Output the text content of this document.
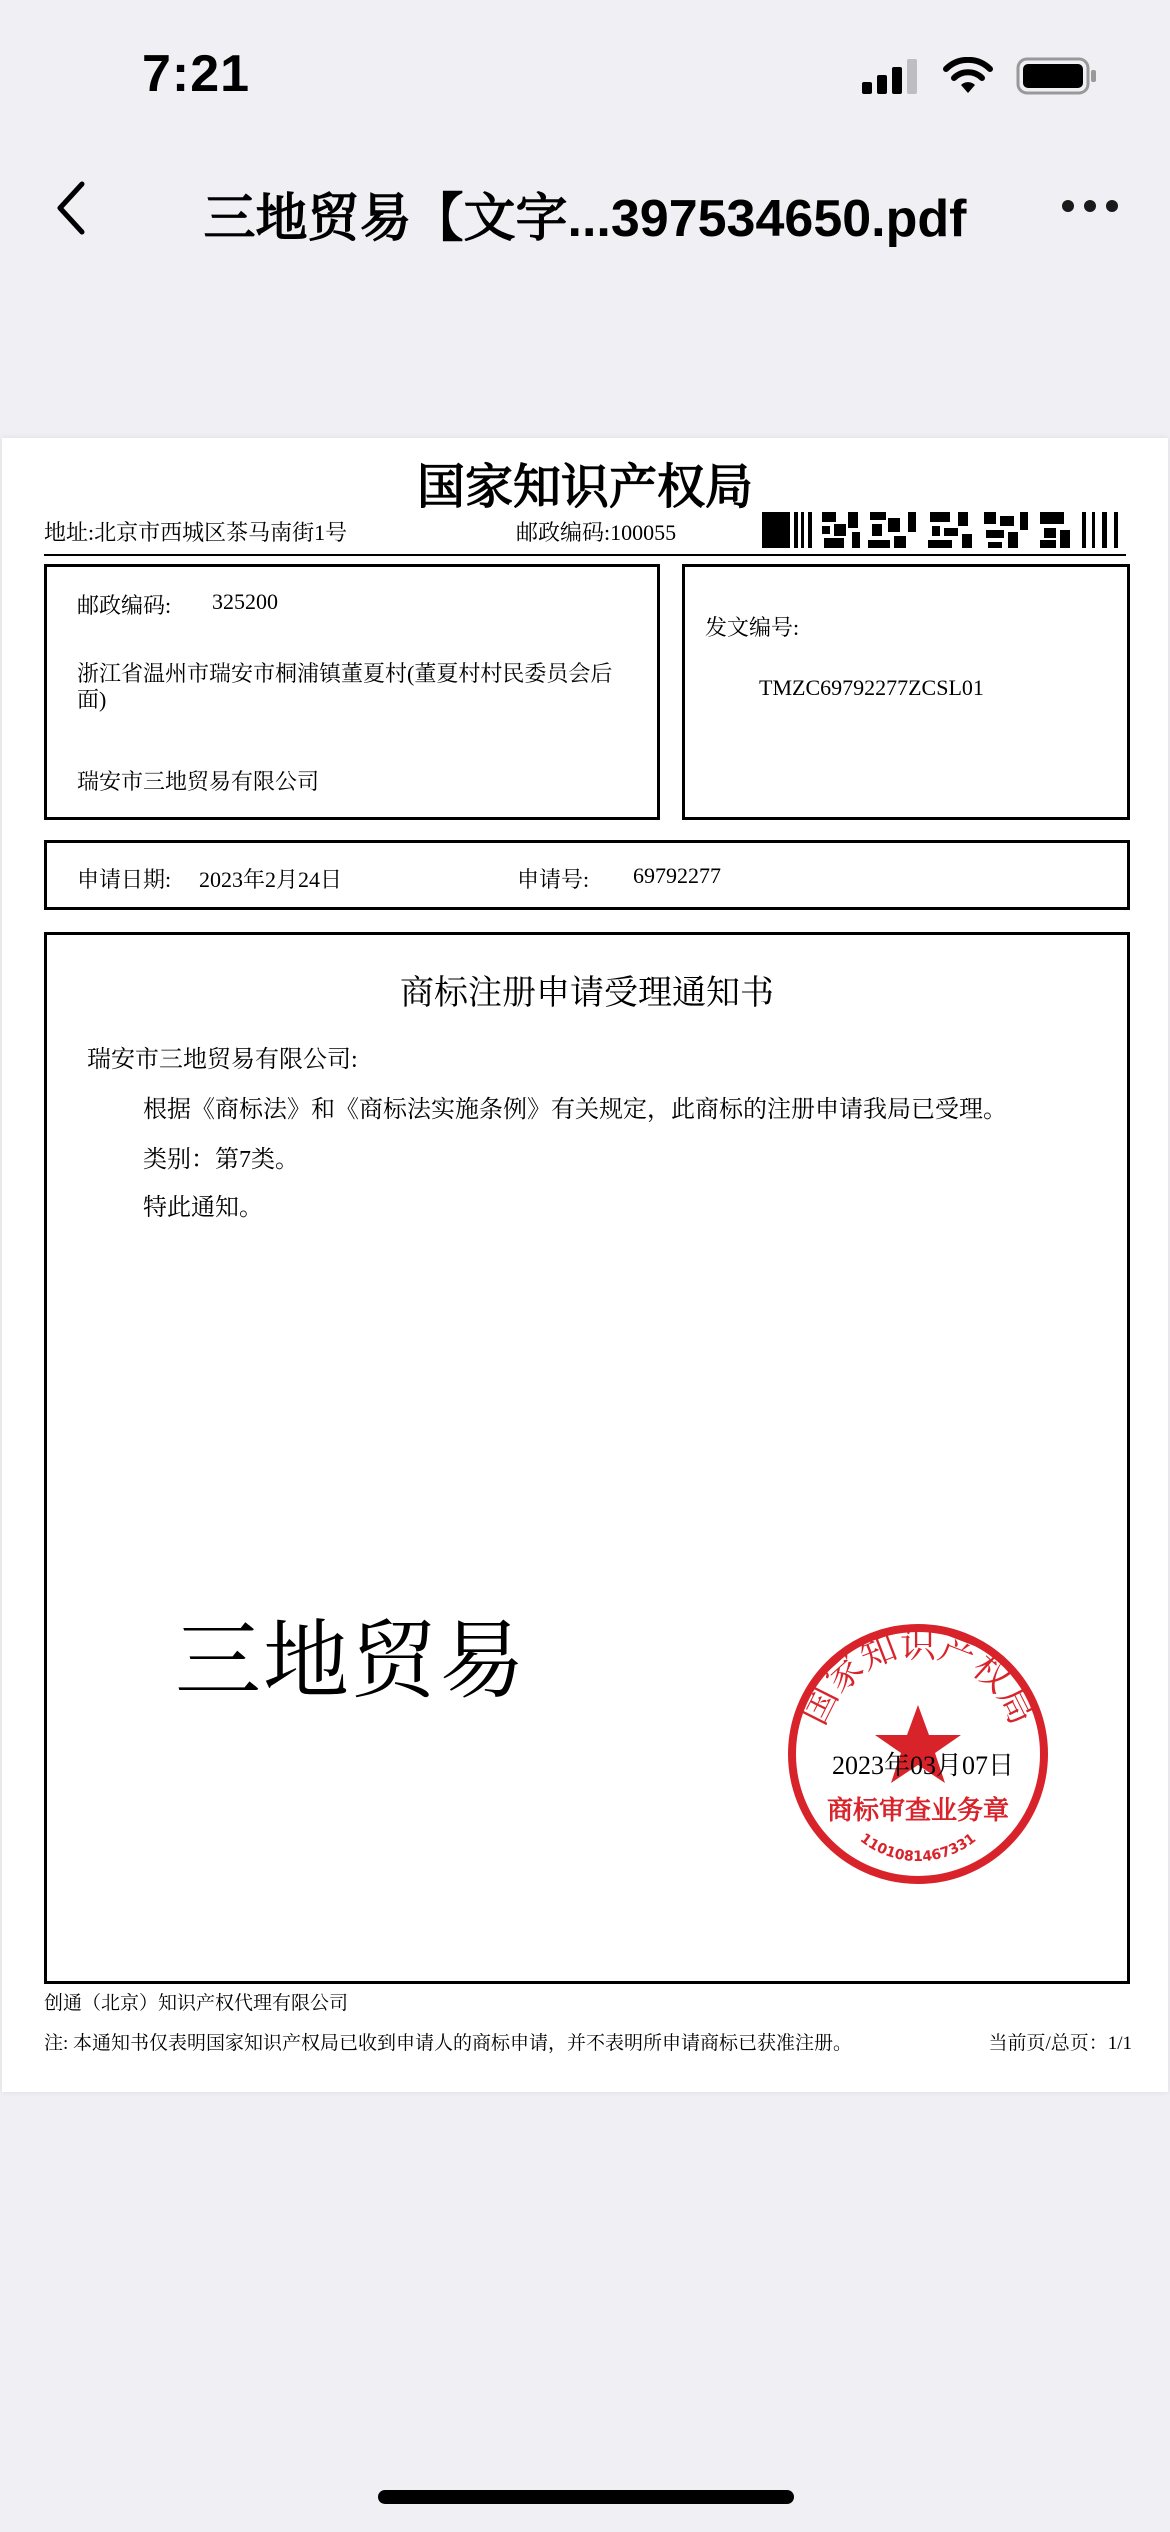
7:21
三地贸易【文字...397534650.pdf
国家知识产权局
地址:北京市西城区茶马南街1号	邮政编码:100055
邮政编码: 325200
浙江省温州市瑞安市桐浦镇董夏村(董夏村村民委员会后
面)
瑞安市三地贸易有限公司
发文编号:
TMZC69792277ZCSL01
申请日期: 2023年2月24日	申请号: 69792277
商标注册申请受理通知书
瑞安市三地贸易有限公司:
根据《商标法》和《商标法实施条例》有关规定，此商标的注册申请我局已受理。
类别：第7类。
特此通知。
三地贸易	国家知识产权局
商标审查业务章
1101081467331
2023年03月07日
创通（北京）知识产权代理有限公司
注: 本通知书仅表明国家知识产权局已收到申请人的商标申请，并不表明所申请商标已获准注册。	当前页/总页：1/1
